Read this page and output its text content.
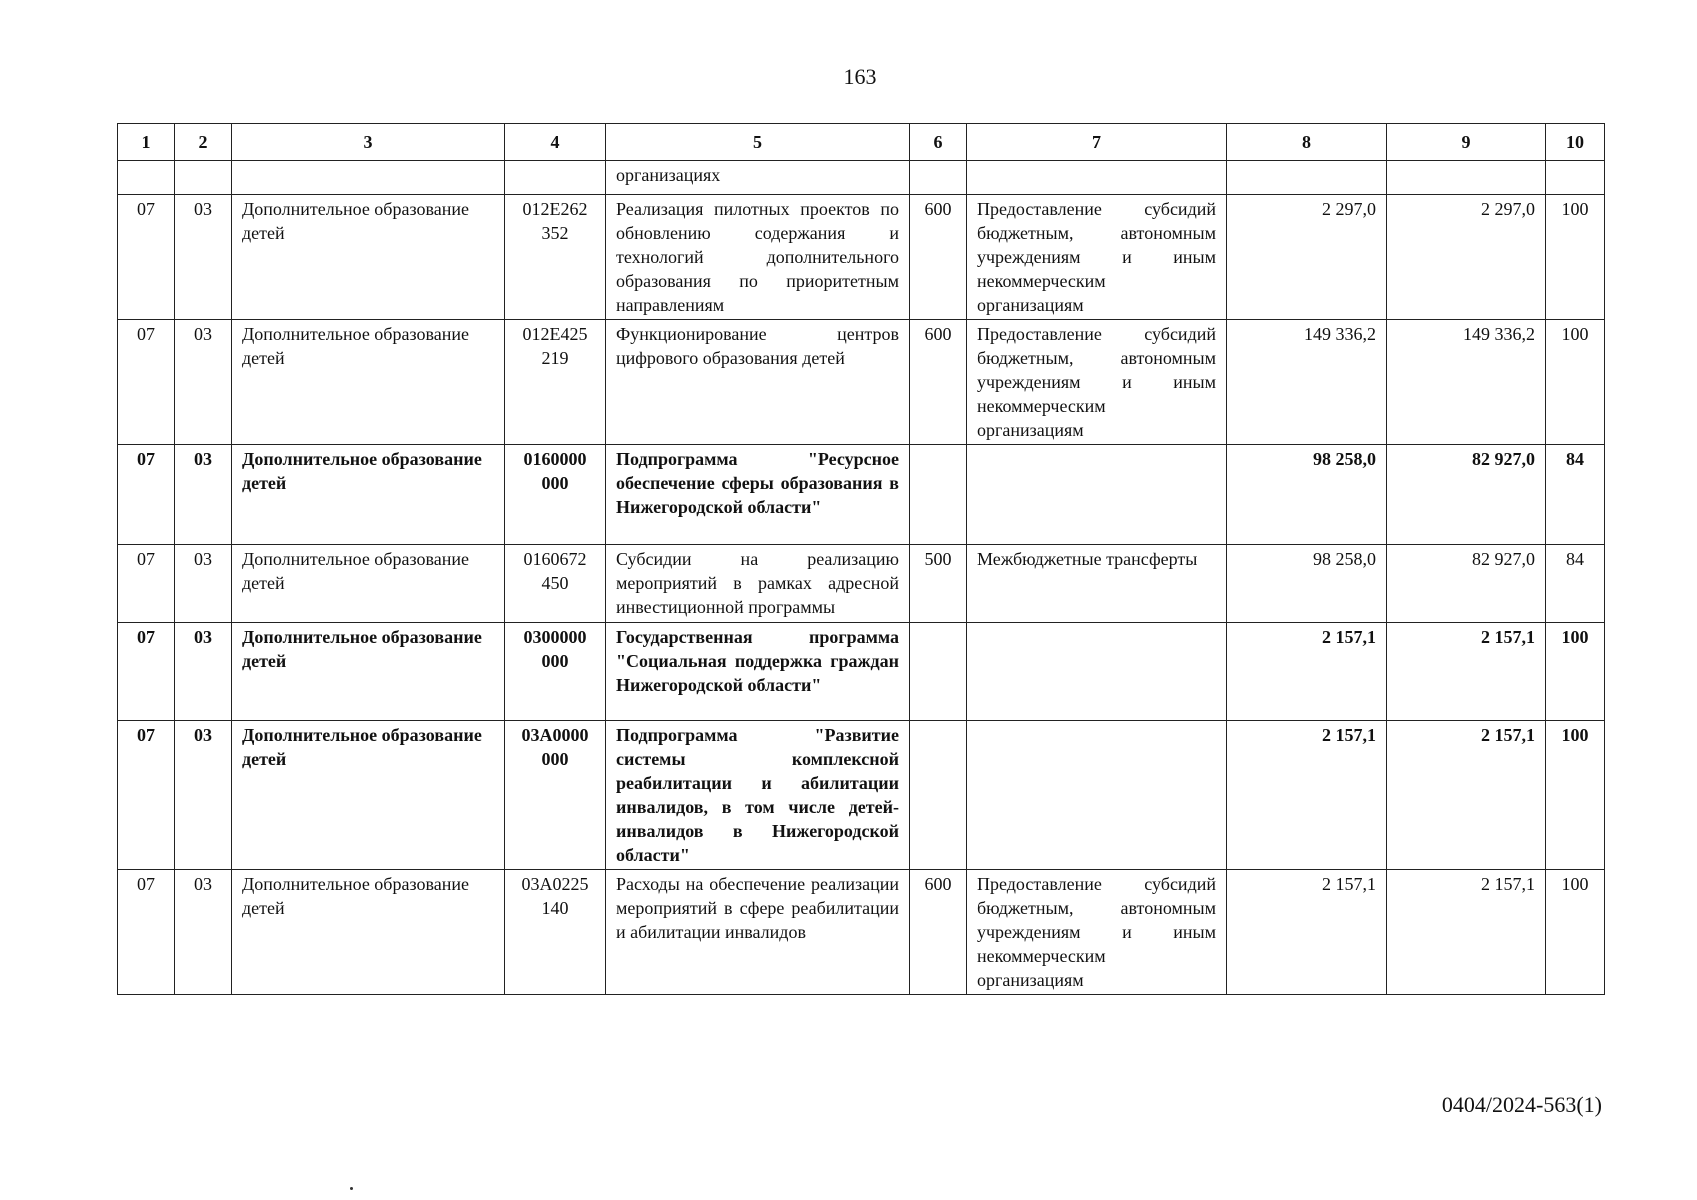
163
1	2	3	4	5	6	7	8	9	10
				организациях					
07	03	Дополнительное образование детей	012E262 352	Реализация пилотных проектов по обновлению содержания и технологий дополнительного образования по приоритетным направлениям	600	Предоставление субсидий бюджетным, автономным учреждениям и иным некоммерческим организациям	2 297,0	2 297,0	100
07	03	Дополнительное образование детей	012E425 219	Функционирование центров цифрового образования детей	600	Предоставление субсидий бюджетным, автономным учреждениям и иным некоммерческим организациям	149 336,2	149 336,2	100
07	03	Дополнительное образование детей	0160000 000	Подпрограмма "Ресурсное обеспечение сферы образования в Нижегородской области"			98 258,0	82 927,0	84
07	03	Дополнительное образование детей	0160672 450	Субсидии на реализацию мероприятий в рамках адресной инвестиционной программы	500	Межбюджетные трансферты	98 258,0	82 927,0	84
07	03	Дополнительное образование детей	0300000 000	Государственная программа "Социальная поддержка граждан Нижегородской области"			2 157,1	2 157,1	100
07	03	Дополнительное образование детей	03А0000 000	Подпрограмма "Развитие системы комплексной реабилитации и абилитации инвалидов, в том числе детей-инвалидов в Нижегородской области"			2 157,1	2 157,1	100
07	03	Дополнительное образование детей	03А0225 140	Расходы на обеспечение реализации мероприятий в сфере реабилитации и абилитации инвалидов	600	Предоставление субсидий бюджетным, автономным учреждениям и иным некоммерческим организациям	2 157,1	2 157,1	100
0404/2024-563(1)
